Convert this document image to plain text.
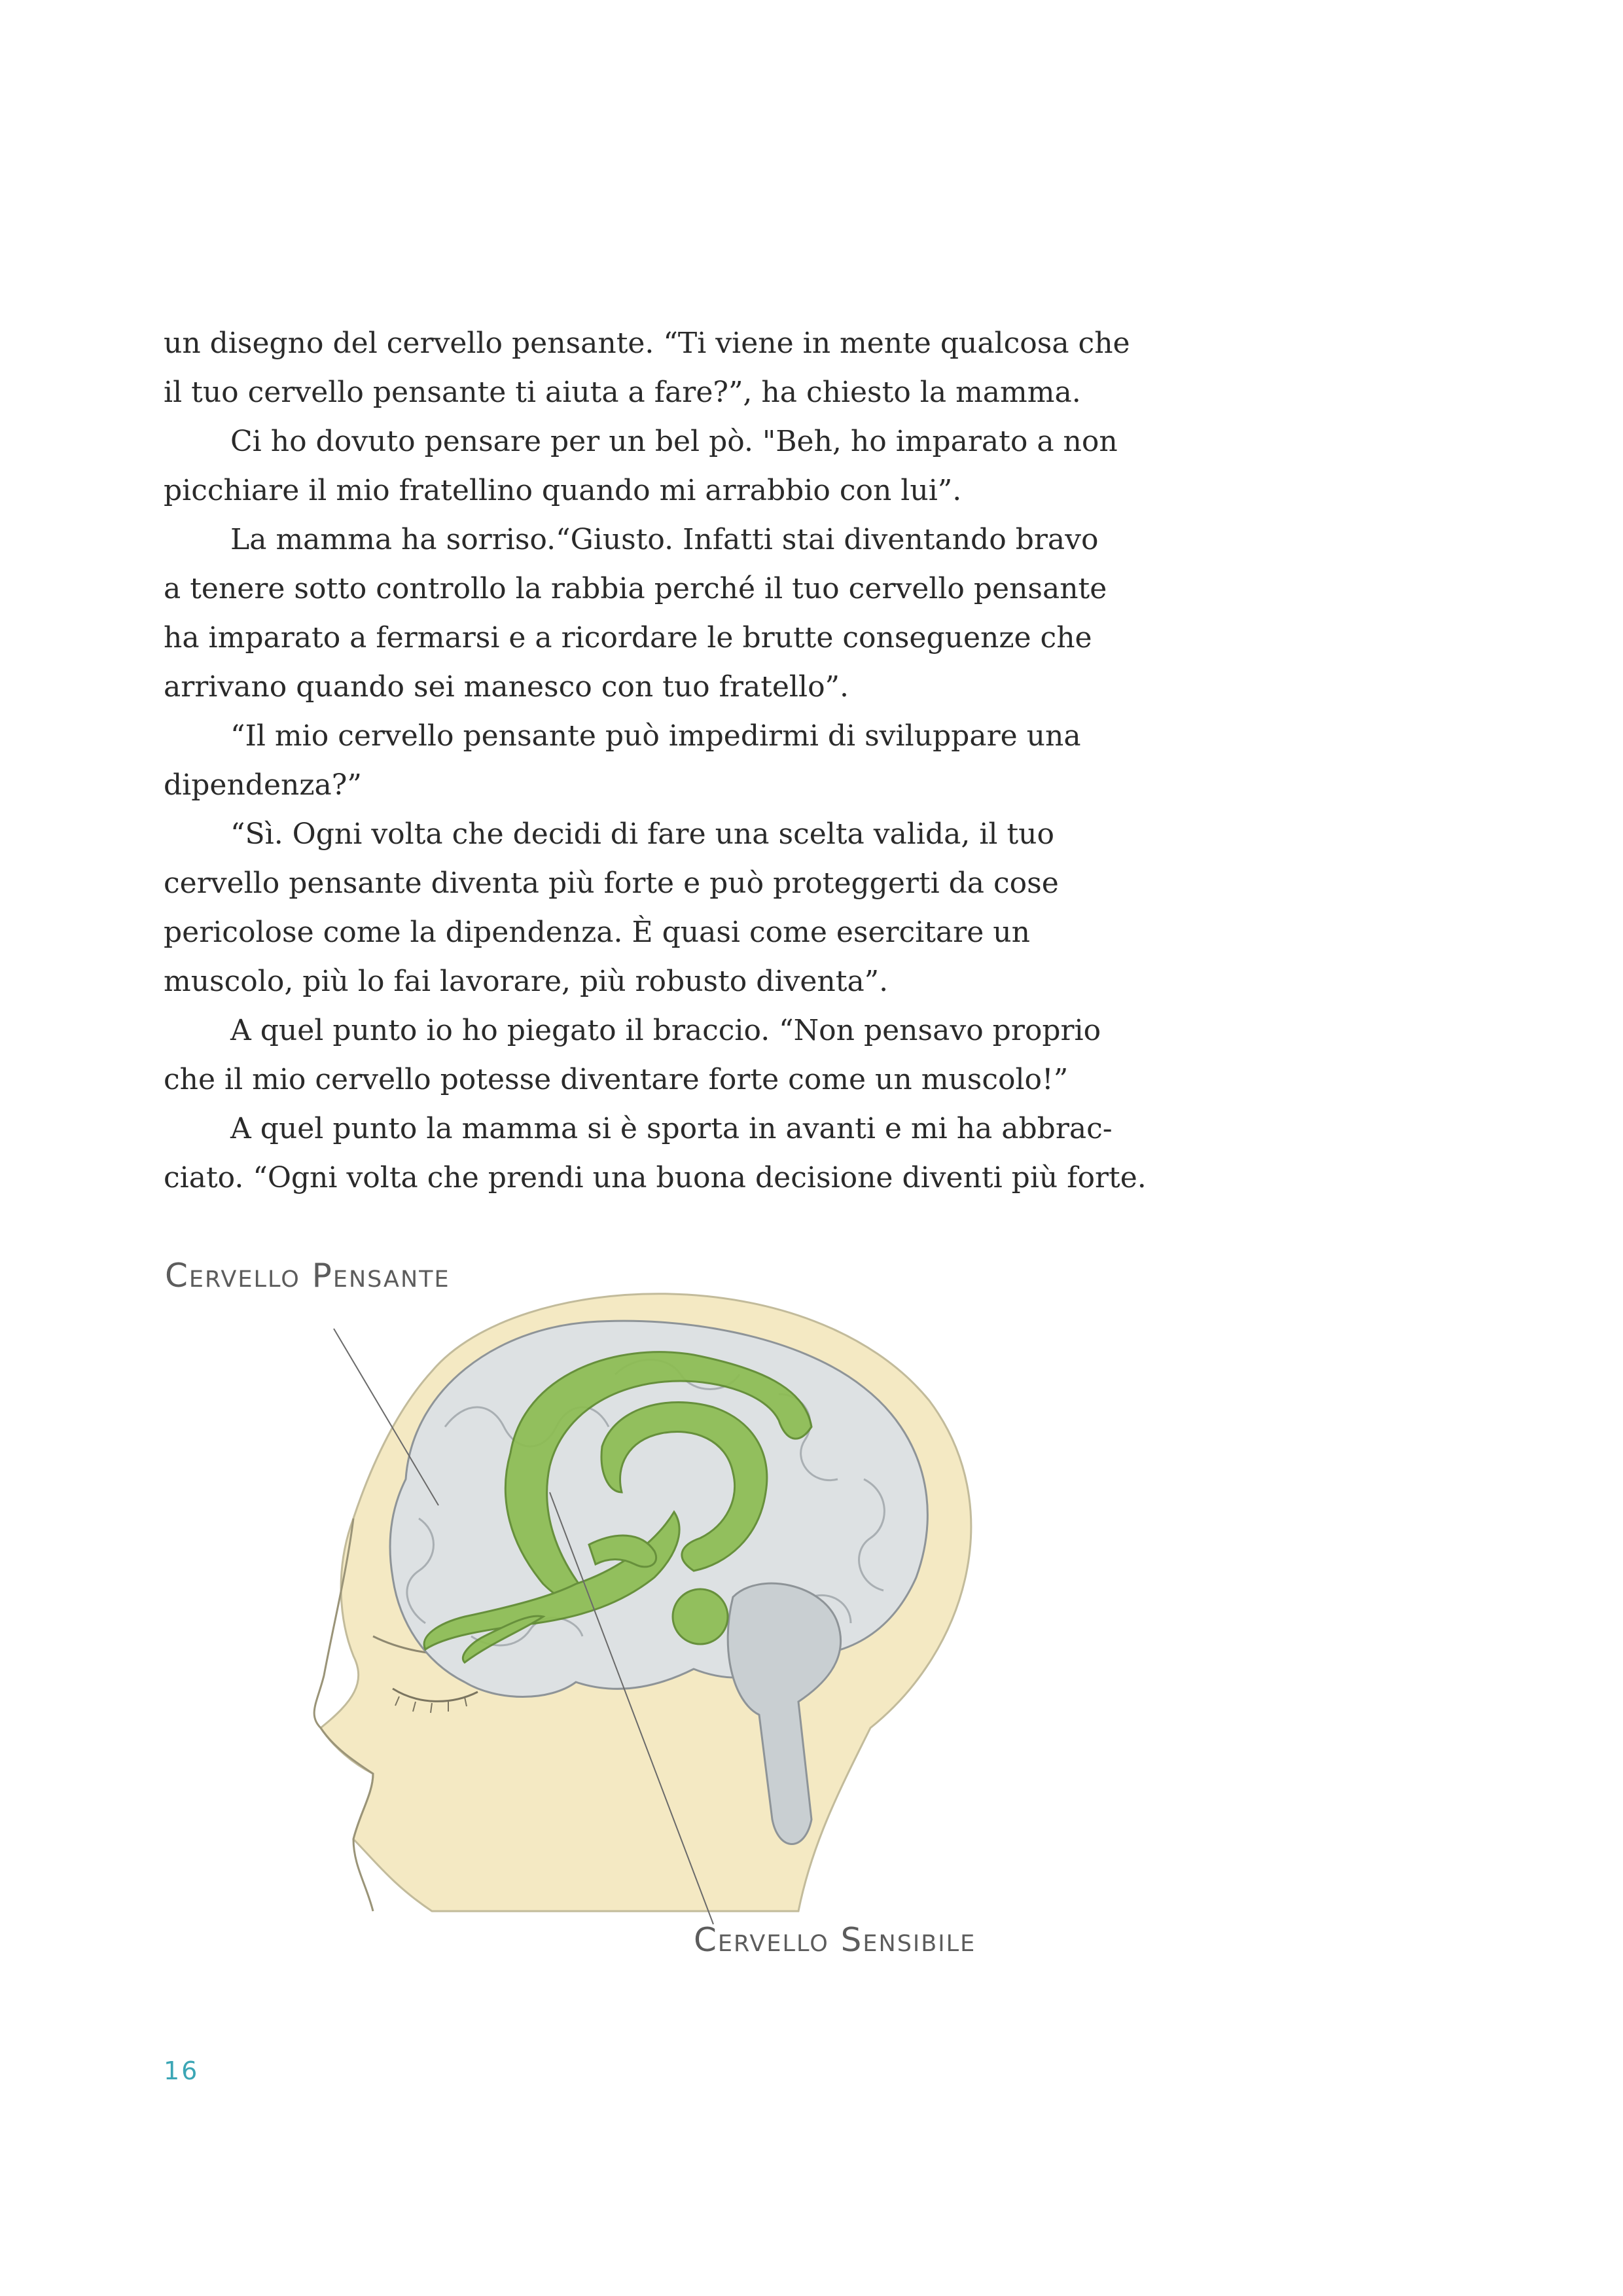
un disegno del cervello pensante. “Ti viene in mente qualcosa che
il tuo cervello pensante ti aiuta a fare?”, ha chiesto la mamma.
Ci ho dovuto pensare per un bel pò. "Beh, ho imparato a non
picchiare il mio fratellino quando mi arrabbio con lui”.
La mamma ha sorriso.“Giusto. Infatti stai diventando bravo
a tenere sotto controllo la rabbia perché il tuo cervello pensante
ha imparato a fermarsi e a ricordare le brutte conseguenze che
arrivano quando sei manesco con tuo fratello”.
“Il mio cervello pensante può impedirmi di sviluppare una
dipendenza?”
“Sì. Ogni volta che decidi di fare una scelta valida, il tuo
cervello pensante diventa più forte e può proteggerti da cose
pericolose come la dipendenza. È quasi come esercitare un
muscolo, più lo fai lavorare, più robusto diventa”.
A quel punto io ho piegato il braccio. “Non pensavo proprio
che il mio cervello potesse diventare forte come un muscolo!”
A quel punto la mamma si è sporta in avanti e mi ha abbrac-
ciato. “Ogni volta che prendi una buona decisione diventi più forte.
Cervello Pensante
Cervello Sensibile
16
